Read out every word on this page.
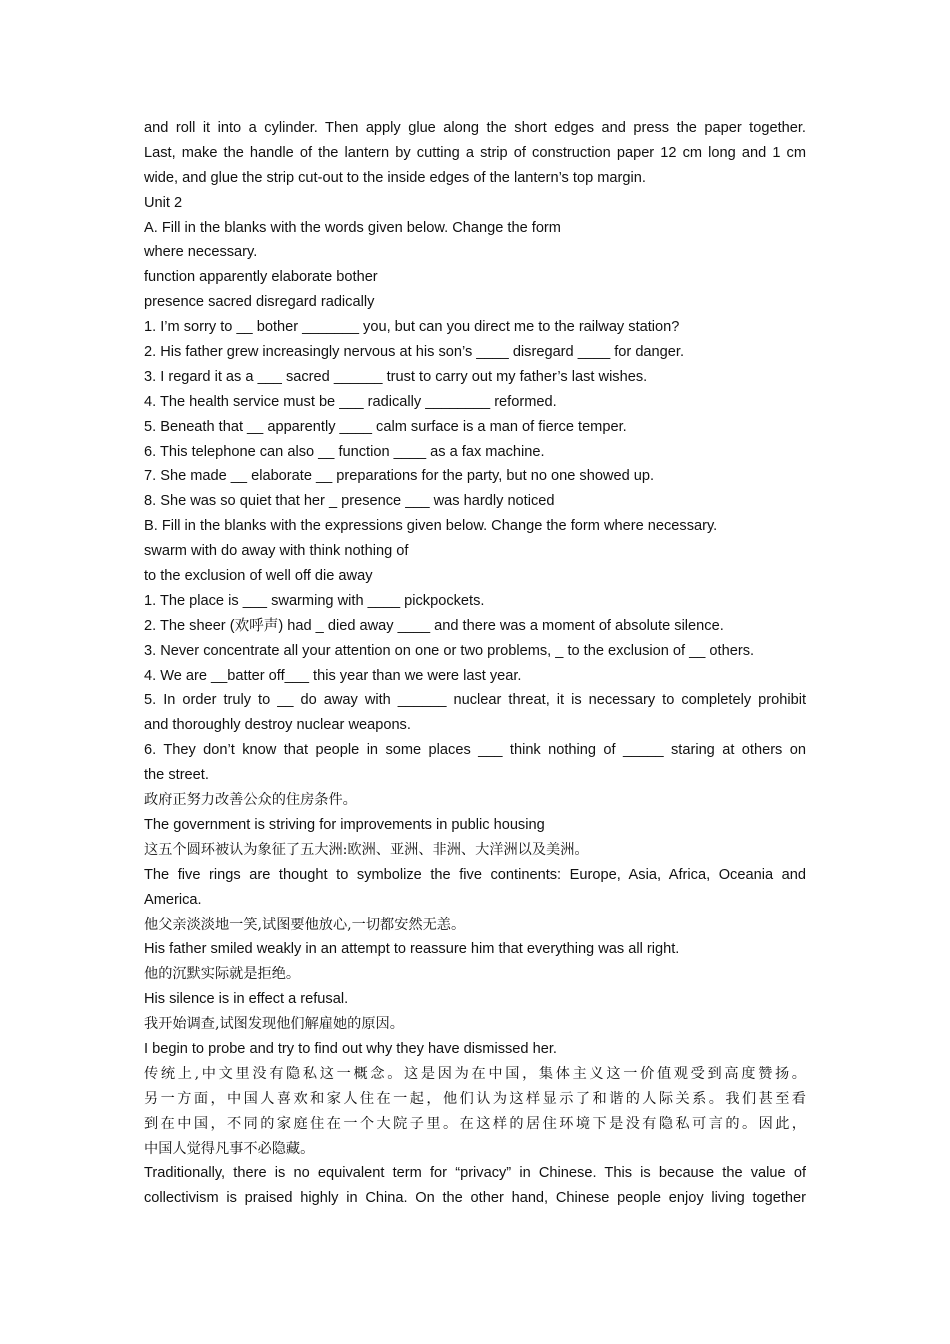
and roll it into a cylinder. Then apply glue along the short edges and press the paper together.
Last, make the handle of the lantern by cutting a strip of construction paper 12 cm long and 1 cm
wide, and glue the strip cut-out to the inside edges of the lantern’s top margin.
Unit 2
A. Fill in the blanks with the words given below. Change the form
where necessary.
function apparently elaborate bother
presence sacred disregard radically
1. I’m sorry to __ bother _______ you, but can you direct me to the railway station?
2. His father grew increasingly nervous at his son’s ____ disregard ____ for danger.
3. I regard it as a ___ sacred ______ trust to carry out my father’s last wishes.
4. The health service must be ___ radically ________ reformed.
5. Beneath that __ apparently ____ calm surface is a man of fierce temper.
6. This telephone can also __ function ____ as a fax machine.
7. She made __ elaborate __ preparations for the party, but no one showed up.
8. She was so quiet that her _ presence ___ was hardly noticed
B. Fill in the blanks with the expressions given below. Change the form where necessary.
swarm with do away with think nothing of
to the exclusion of well off die away
1. The place is ___ swarming with ____ pickpockets.
2. The sheer (欢呼声) had _ died away ____ and there was a moment of absolute silence.
3. Never concentrate all your attention on one or two problems, _ to the exclusion of __ others.
4. We are __batter off___ this year than we were last year.
5. In order truly to __ do away with ______ nuclear threat, it is necessary to completely prohibit
and thoroughly destroy nuclear weapons.
6. They don’t know that people in some places ___ think nothing of _____ staring at others on
the street.
政府正努力改善公众的住房条件。
The government is striving for improvements in public housing
这五个圆环被认为象征了五大洲:欧洲、亚洲、非洲、大洋洲以及美洲。
The five rings are thought to symbolize the five continents: Europe, Asia, Africa, Oceania and
America.
他父亲淡淡地一笑,试图要他放心,一切都安然无恙。
His father smiled weakly in an attempt to reassure him that everything was all right.
他的沉默实际就是拒绝。
His silence is in effect a refusal.
我开始调查,试图发现他们解雇她的原因。
I begin to probe and try to find out why they have dismissed her.
传统上,中文里没有隐私这一概念。这是因为在中国，集体主义这一价值观受到高度赞扬。
另一方面，中国人喜欢和家人住在一起，他们认为这样显示了和谐的人际关系。我们甚至看
到在中国，不同的家庭住在一个大院子里。在这样的居住环境下是没有隐私可言的。因此，
中国人觉得凡事不必隐藏。
Traditionally, there is no equivalent term for “privacy” in Chinese. This is because the value of
collectivism is praised highly in China. On the other hand, Chinese people enjoy living together
